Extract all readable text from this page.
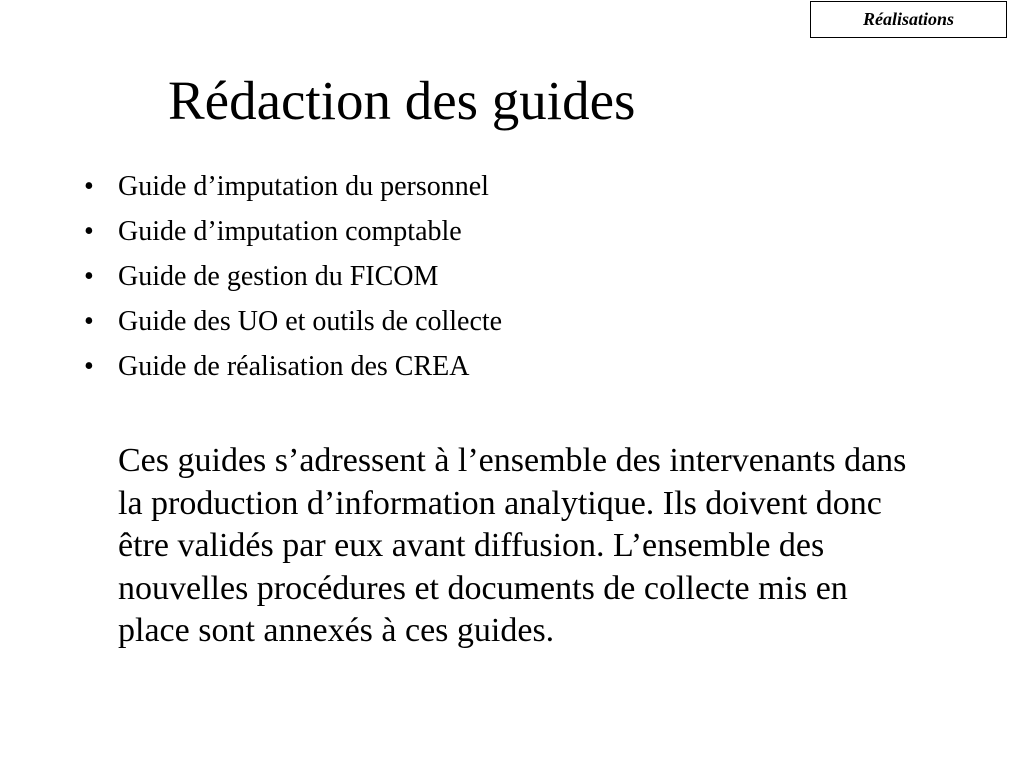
Réalisations
Rédaction des guides
• Guide d’imputation du personnel
• Guide d’imputation comptable
• Guide de gestion du FICOM
• Guide des UO et outils de collecte
• Guide de réalisation des CREA

Ces guides s’adressent à l’ensemble des intervenants dans la production d’information analytique. Ils doivent donc être validés par eux avant diffusion. L’ensemble des nouvelles procédures et documents de collecte mis en place sont annexés à ces guides.
